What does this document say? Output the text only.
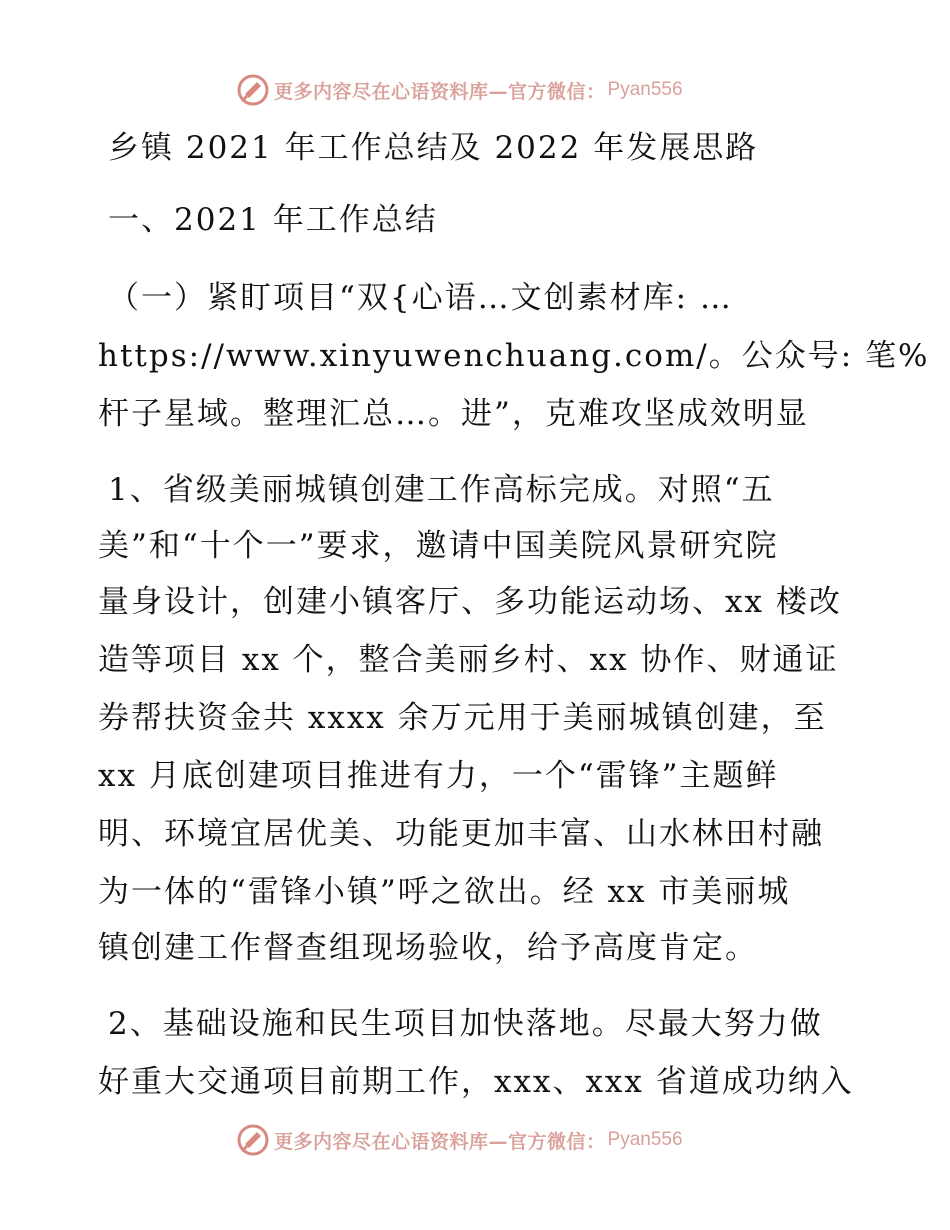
更多内容尽在心语资料库—官方微信： Pyan556
乡镇 2021 年工作总结及 2022 年发展思路
一、2021 年工作总结
（一）紧盯项目“双{心语…文创素材库: …
https://www.xinyuwenchuang.com/。公众号: 笔%
杆子星域。整理汇总…。进”，克难攻坚成效明显
1、省级美丽城镇创建工作高标完成。对照“五
美”和“十个一”要求，邀请中国美院风景研究院
量身设计，创建小镇客厅、多功能运动场、xx 楼改
造等项目 xx 个，整合美丽乡村、xx 协作、财通证
券帮扶资金共 xxxx 余万元用于美丽城镇创建，至
xx 月底创建项目推进有力，一个“雷锋”主题鲜
明、环境宜居优美、功能更加丰富、山水林田村融
为一体的“雷锋小镇”呼之欲出。经 xx 市美丽城
镇创建工作督查组现场验收，给予高度肯定。
2、基础设施和民生项目加快落地。尽最大努力做
好重大交通项目前期工作，xxx、xxx 省道成功纳入
更多内容尽在心语资料库—官方微信： Pyan556
